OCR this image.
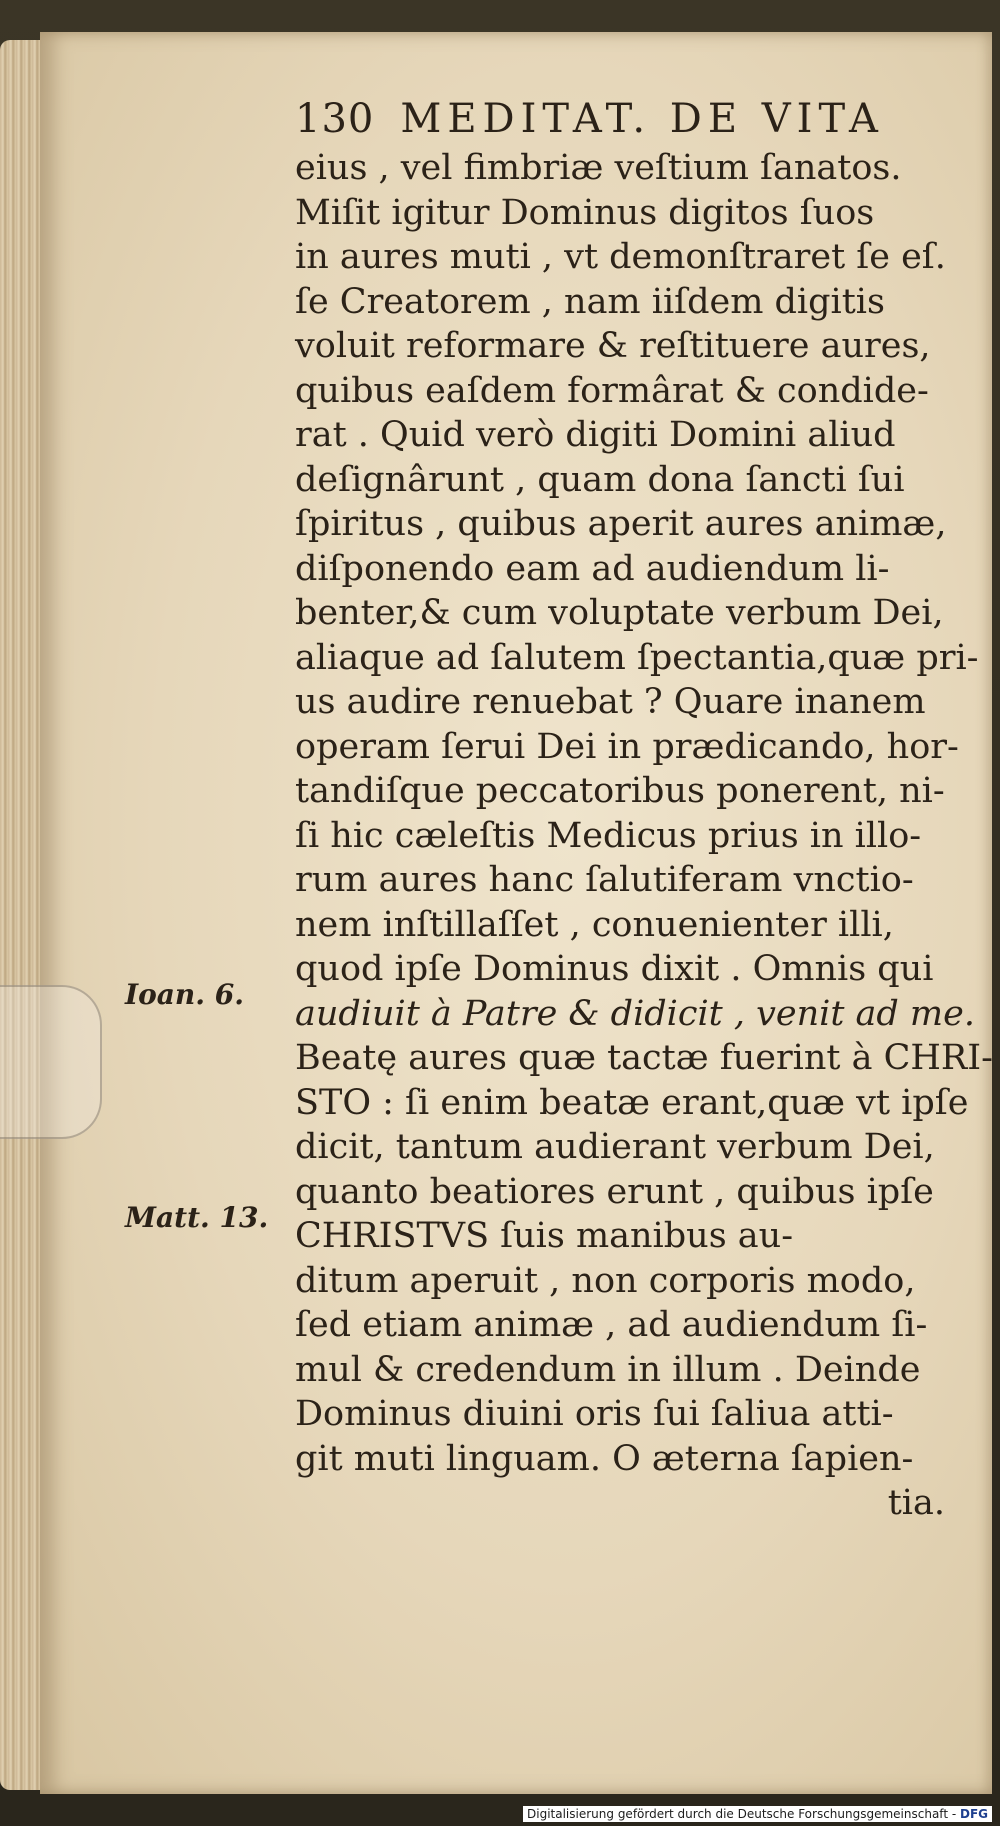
130 MEDITAT. DE VITA
eius , vel fimbriæ veſtium ſanatos.
Miſit igitur Dominus digitos ſuos
in aures muti , vt demonſtraret ſe eſ.
ſe Creatorem , nam iiſdem digitis
voluit reformare & reſtituere aures,
quibus eaſdem formârat & condide-
rat . Quid verò digiti Domini aliud
deſignârunt , quam dona ſancti ſui
ſpiritus , quibus aperit aures animæ,
diſponendo eam ad audiendum li-
benter,& cum voluptate verbum Dei,
aliaque ad ſalutem ſpectantia,quæ pri-
us audire renuebat ? Quare inanem
operam ſerui Dei in prædicando, hor-
tandiſque peccatoribus ponerent, ni-
ſi hic cæleſtis Medicus prius in illo-
rum aures hanc ſalutiferam vnctio-
nem inſtillaſſet , conuenienter illi,
quod ipſe Dominus dixit . Omnis qui
audiuit à Patre & didicit , venit ad me.
Beatę aures quæ tactæ fuerint à CHRI-
STO : ſi enim beatæ erant,quæ vt ipſe
dicit, tantum audierant verbum Dei,
quanto beatiores erunt , quibus ipſe
CHRISTVS ſuis manibus au-
ditum aperuit , non corporis modo,
ſed etiam animæ , ad audiendum ſi-
mul & credendum in illum . Deinde
Dominus diuini oris ſui ſaliua atti-
git muti linguam. O æterna ſapien-
tia.
Ioan. 6.
Matt. 13.
Digitalisierung gefördert durch die Deutsche Forschungsgemeinschaft - DFG
